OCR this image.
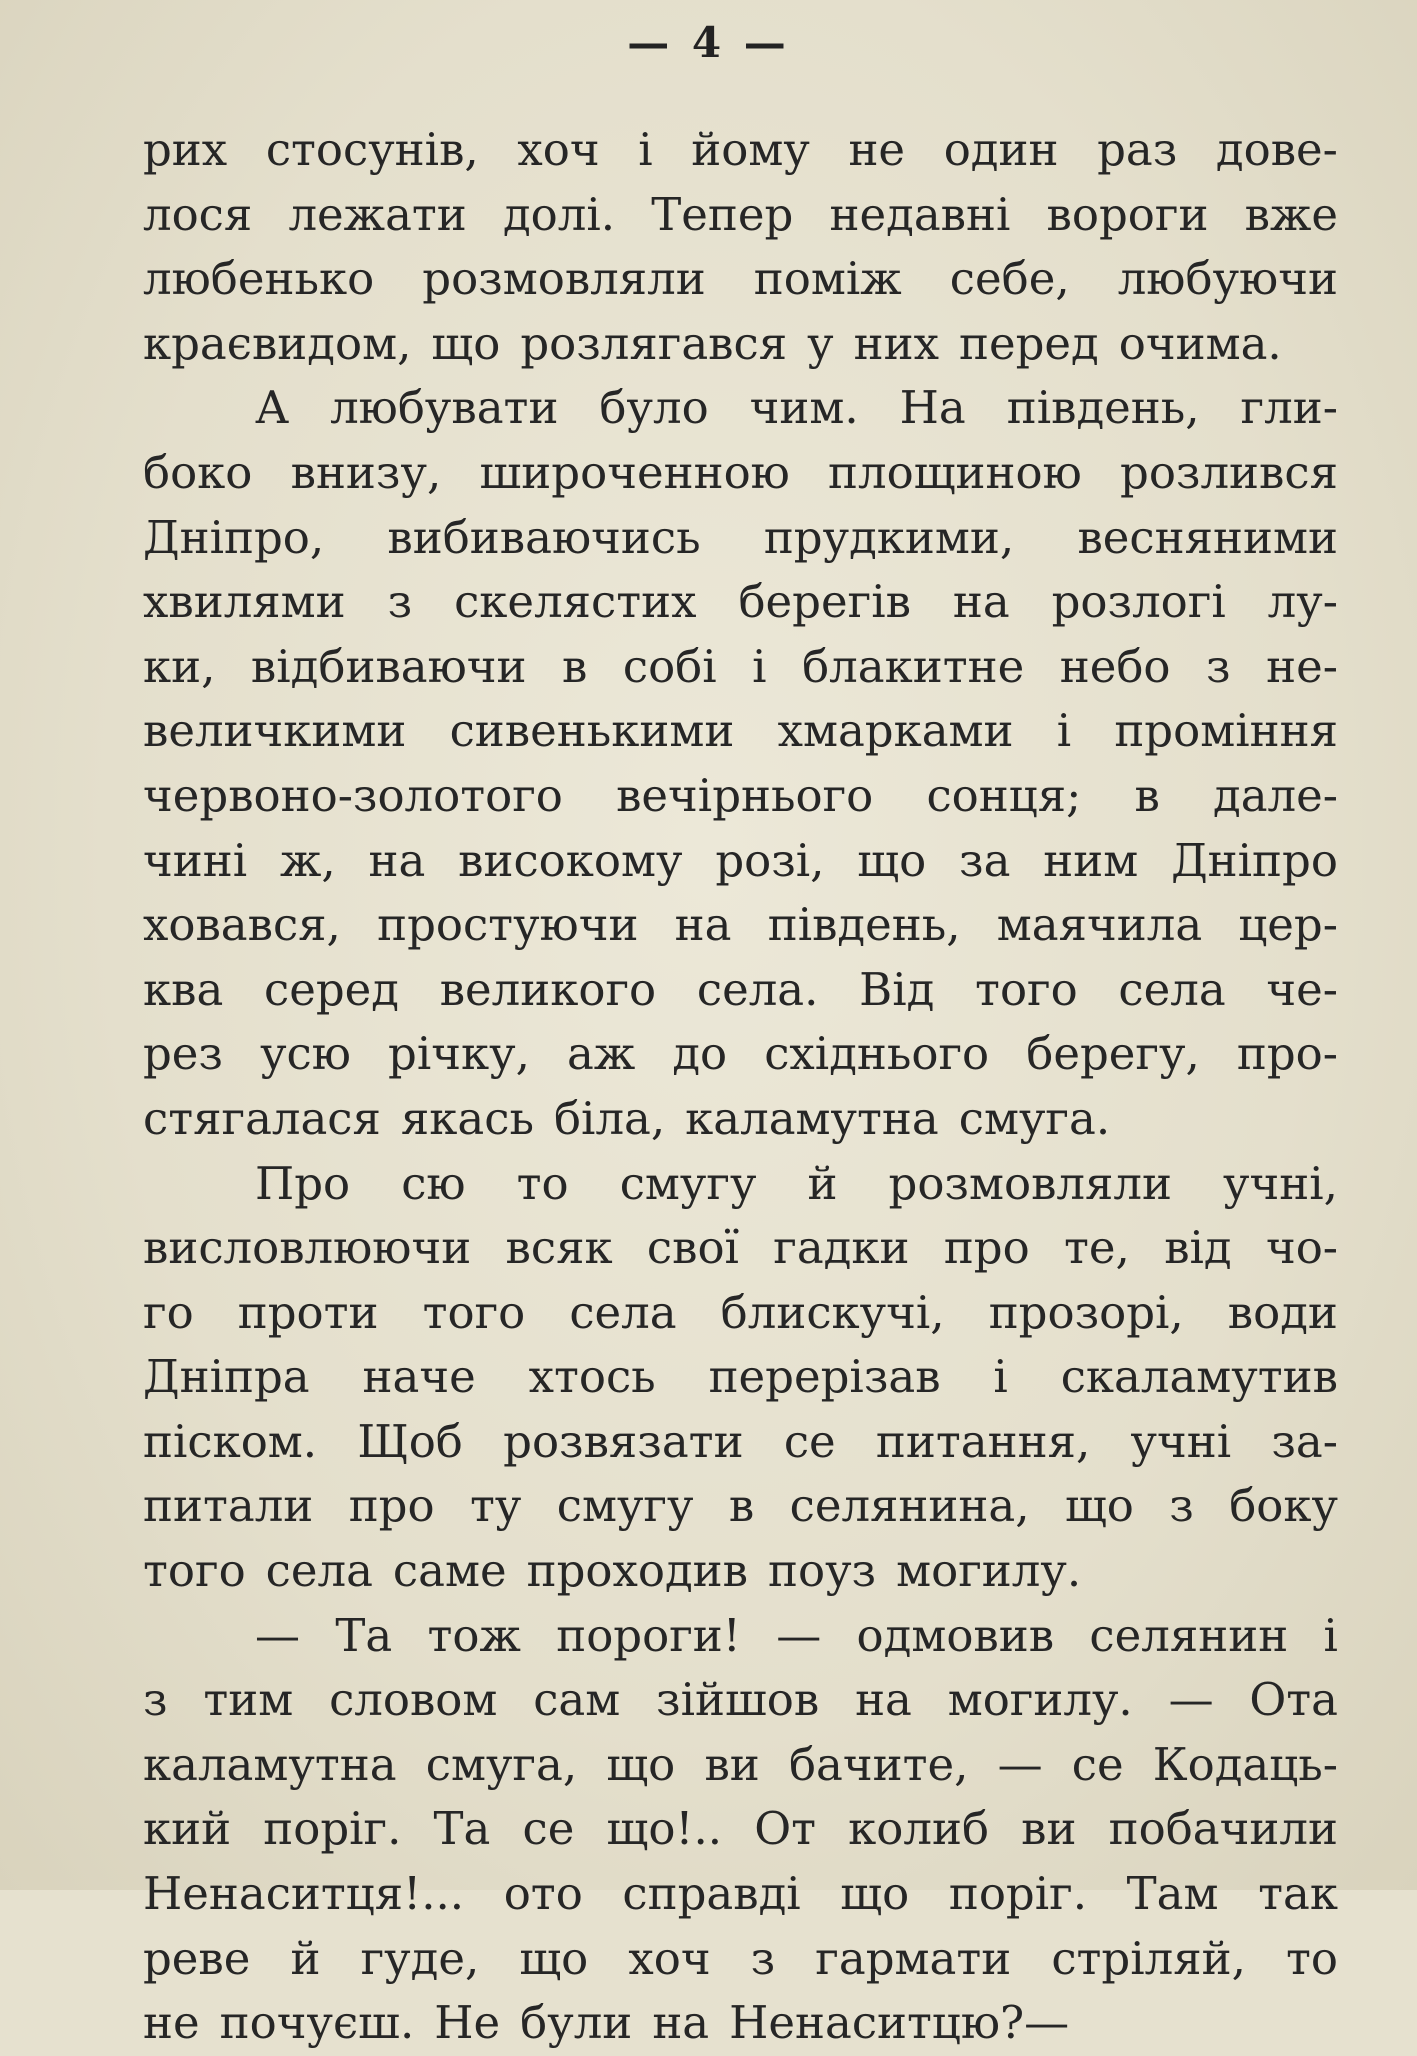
— 4 —
рих стосунів, хоч і йому не один раз дове-
лося лежати долі. Тепер недавні вороги вже
любенько розмовляли поміж себе, любуючи
краєвидом, що розлягався у них перед очима.
А любувати було чим. На південь, гли-
боко внизу, широченною площиною розлився
Дніпро, вибиваючись прудкими, весняними
хвилями з скелястих берегів на розлогі лу-
ки, відбиваючи в собі і блакитне небо з не-
величкими сивенькими хмарками і проміння
червоно-золотого вечірнього сонця; в дале-
чині ж, на високому розі, що за ним Дніпро
ховався, простуючи на південь, маячила цер-
ква серед великого села. Від того села че-
рез усю річку, аж до східнього берегу, про-
стягалася якась біла, каламутна смуга.
Про сю то смугу й розмовляли учні,
висловлюючи всяк свої гадки про те, від чо-
го проти того села блискучі, прозорі, води
Дніпра наче хтось перерізав і скаламутив
піском. Щоб розвязати се питання, учні за-
питали про ту смугу в селянина, що з боку
того села саме проходив поуз могилу.
— Та тож пороги! — одмовив селянин і
з тим словом сам зійшов на могилу. — Ота
каламутна смуга, що ви бачите, — се Кодаць-
кий поріг. Та се що!.. От колиб ви побачили
Ненаситця!... ото справді що поріг. Там так
реве й гуде, що хоч з гармати стріляй, то
не почуєш. Не були на Ненаситцю?—
